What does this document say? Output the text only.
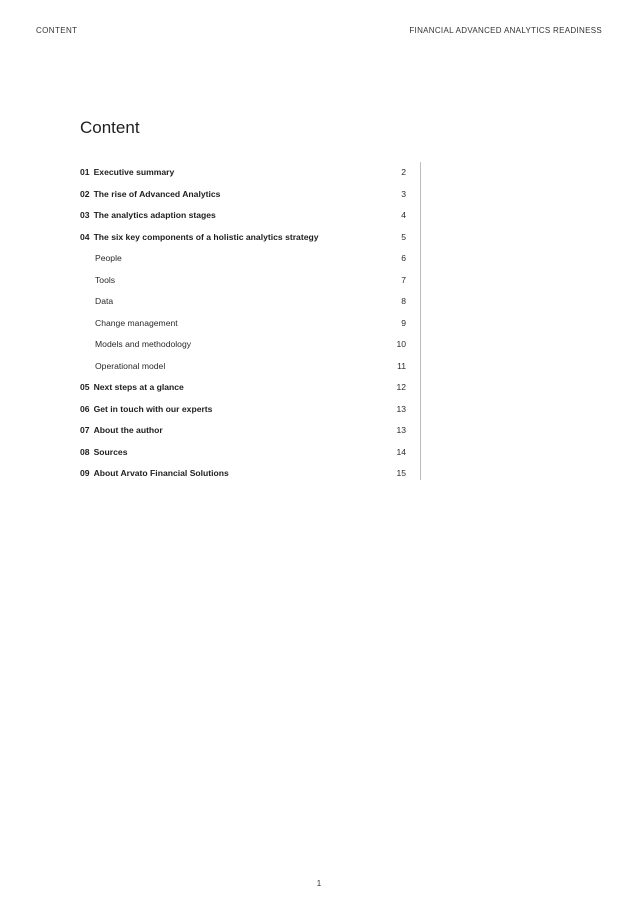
CONTENT	FINANCIAL ADVANCED ANALYTICS READINESS
Content
01 Executive summary	2
02 The rise of Advanced Analytics	3
03 The analytics adaption stages	4
04 The six key components of a holistic analytics strategy	5
People	6
Tools	7
Data	8
Change management	9
Models and methodology	10
Operational model	11
05 Next steps at a glance	12
06 Get in touch with our experts	13
07 About the author	13
08 Sources	14
09 About Arvato Financial Solutions	15
1
